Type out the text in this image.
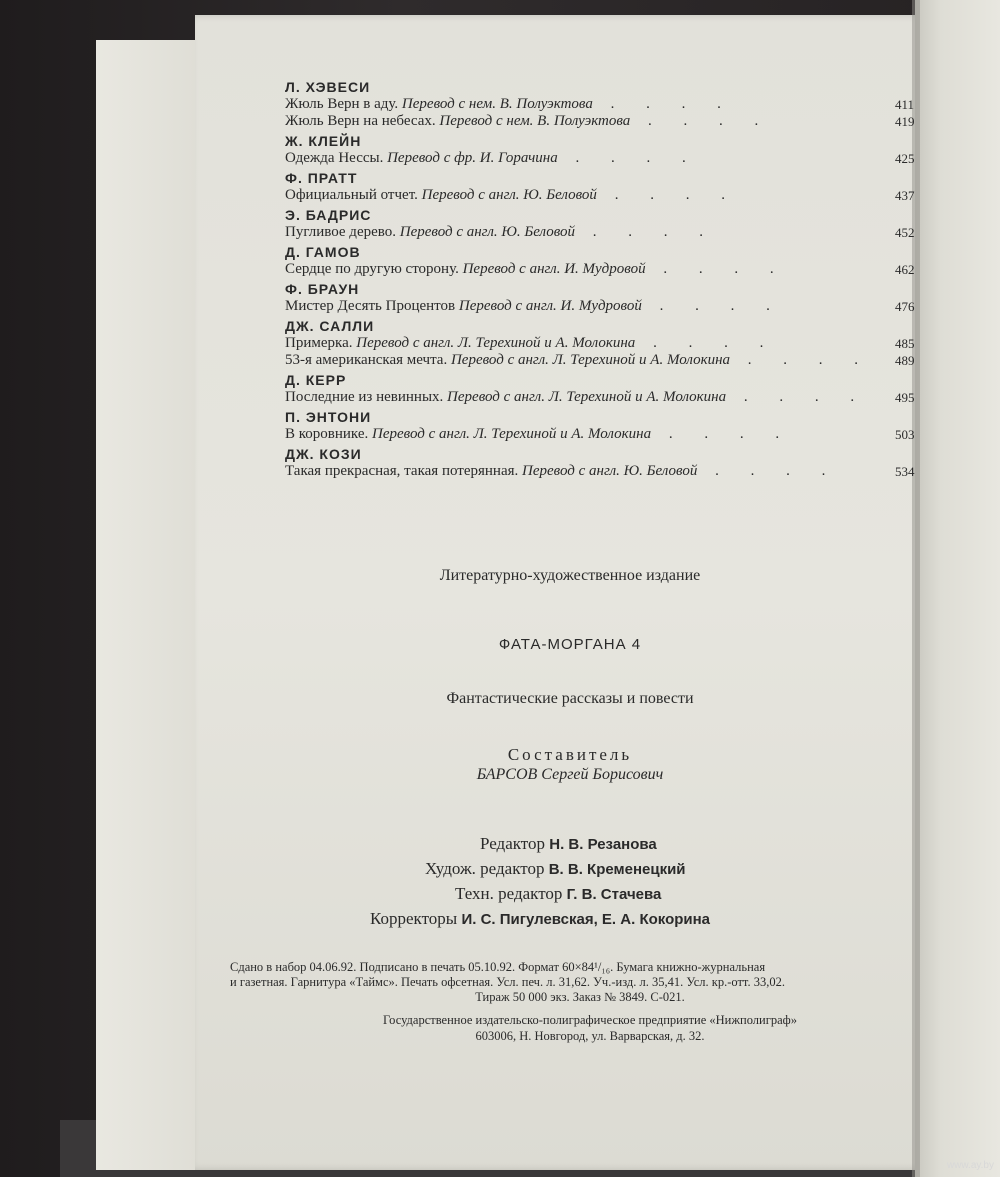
Л. ХЭВЕСИ
Жюль Верн в аду. Перевод с нем. В. Полуэктова . . . .	411
Жюль Верн на небесах. Перевод с нем. В. Полуэктова . . . .	419
Ж. КЛЕЙН
Одежда Нессы. Перевод с фр. И. Горачина . . . .	425
Ф. ПРАТТ
Официальный отчет. Перевод с англ. Ю. Беловой . . . .	437
Э. БАДРИС
Пугливое дерево. Перевод с англ. Ю. Беловой . . . .	452
Д. ГАМОВ
Сердце по другую сторону. Перевод с англ. И. Мудровой . . . .	462
Ф. БРАУН
Мистер Десять Процентов Перевод с англ. И. Мудровой . . . .	476
ДЖ. САЛЛИ
Примерка. Перевод с англ. Л. Терехиной и А. Молокина . . . .	485
53-я американская мечта. Перевод с англ. Л. Терехиной и А. Молокина . . . . 489
Д. КЕРР
Последние из невинных. Перевод с англ. Л. Терехиной и А. Молокина . . . . 495
П. ЭНТОНИ
В коровнике. Перевод с англ. Л. Терехиной и А. Молокина . . . .	503
ДЖ. КОЗИ
Такая прекрасная, такая потерянная. Перевод с англ. Ю. Беловой . . . .	534
Литературно-художественное издание
ФАТА-МОРГАНА 4
Фантастические рассказы и повести
Составитель
БАРСОВ Сергей Борисович
Редактор Н. В. Резанова
Худож. редактор В. В. Кременецкий
Техн. редактор Г. В. Стачева
Корректоры И. С. Пигулевская, Е. А. Кокорина
Сдано в набор 04.06.92. Подписано в печать 05.10.92. Формат 60×84¹/₁₆. Бумага книжно-журнальная
и газетная. Гарнитура «Таймс». Печать офсетная. Усл. печ. л. 31,62. Уч.-изд. л. 35,41. Усл. кр.-отт. 33,02.
Тираж 50 000 экз. Заказ № 3849. С-021.
Государственное издательско-полиграфическое предприятие «Нижполиграф»
603006, Н. Новгород, ул. Варварская, д. 32.
www.ay.by
